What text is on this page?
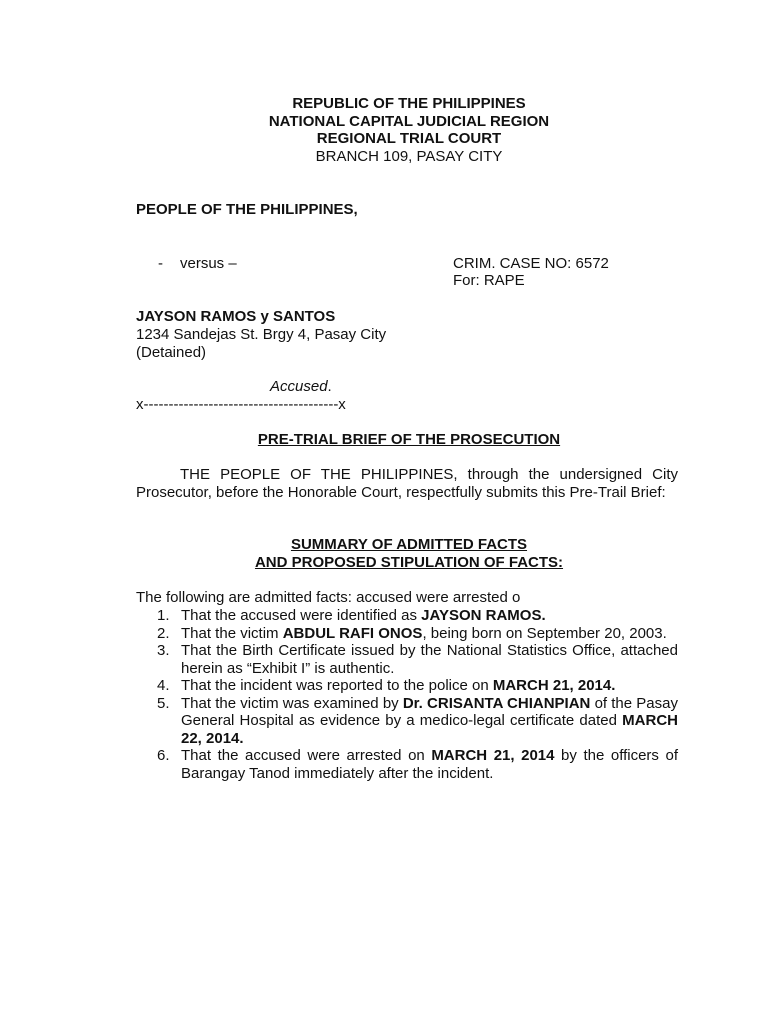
REPUBLIC OF THE PHILIPPINES
NATIONAL CAPITAL JUDICIAL REGION
REGIONAL TRIAL COURT
BRANCH 109, PASAY CITY
PEOPLE OF THE PHILIPPINES,
- versus –	CRIM. CASE NO: 6572
For: RAPE
JAYSON RAMOS y SANTOS
1234 Sandejas St. Brgy 4, Pasay City
(Detained)
Accused.
x---------------------------------------x
PRE-TRIAL BRIEF OF THE PROSECUTION
THE PEOPLE OF THE PHILIPPINES, through the undersigned City Prosecutor, before the Honorable Court, respectfully submits this Pre-Trail Brief:
SUMMARY OF ADMITTED FACTS
AND PROPOSED STIPULATION OF FACTS:
The following are admitted facts: accused were arrested o
1. That the accused were identified as JAYSON RAMOS.
2. That the victim ABDUL RAFI ONOS, being born on September 20, 2003.
3. That the Birth Certificate issued by the National Statistics Office, attached herein as “Exhibit I” is authentic.
4. That the incident was reported to the police on MARCH 21, 2014.
5. That the victim was examined by Dr. CRISANTA CHIANPIAN of the Pasay General Hospital as evidence by a medico-legal certificate dated MARCH 22, 2014.
6. That the accused were arrested on MARCH 21, 2014 by the officers of Barangay Tanod immediately after the incident.
